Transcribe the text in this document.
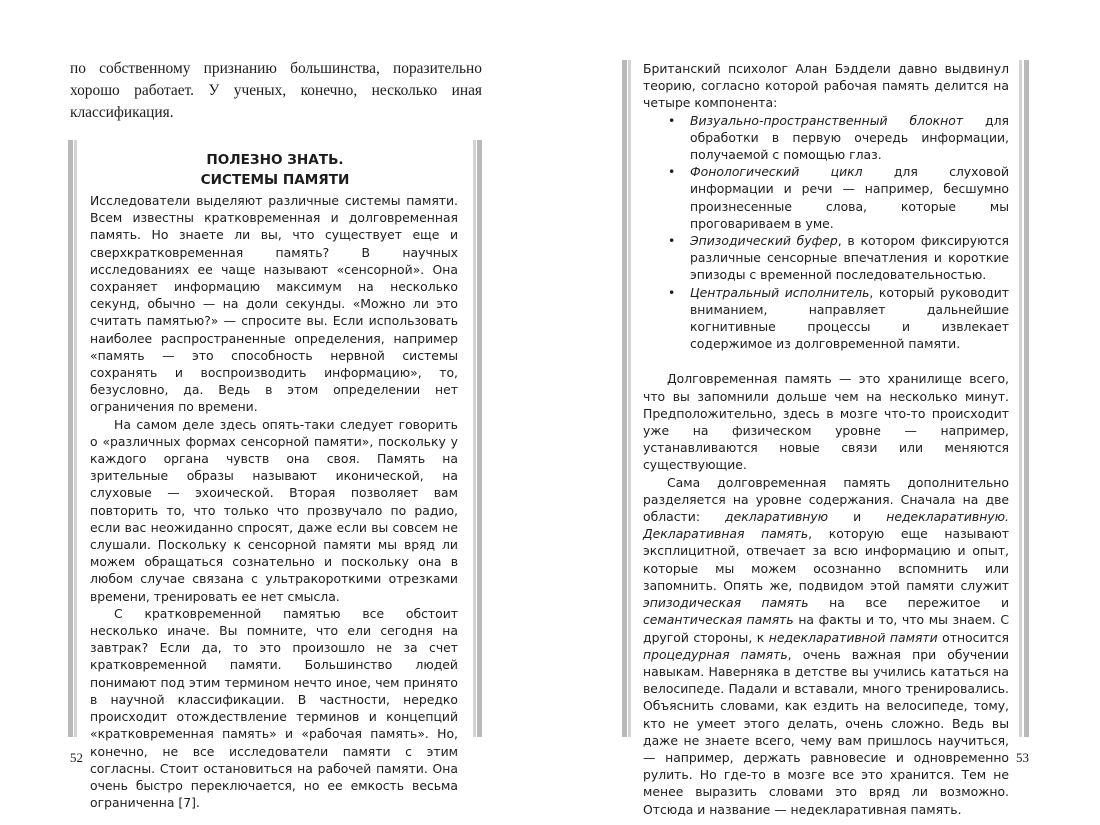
по собственному признанию большинства, поразительно хорошо работает. У ученых, конечно, несколько иная классификация.

ПОЛЕЗНО ЗНАТЬ.
СИСТЕМЫ ПАМЯТИ

Исследователи выделяют различные системы памяти. Всем известны кратковременная и долговременная память. Но знаете ли вы, что существует еще и сверхкратковременная память? В научных исследованиях ее чаще называют «сенсорной». Она сохраняет информацию максимум на несколько секунд, обычно — на доли секунды. «Можно ли это считать памятью?» — спросите вы. Если использовать наиболее распространенные определения, например «память — это способность нервной системы сохранять и воспроизводить информацию», то, безусловно, да. Ведь в этом определении нет ограничения по времени.

На самом деле здесь опять-таки следует говорить о «различных формах сенсорной памяти», поскольку у каждого органа чувств она своя. Память на зрительные образы называют иконической, на слуховые — эхоической. Вторая позволяет вам повторить то, что только что прозвучало по радио, если вас неожиданно спросят, даже если вы совсем не слушали. Поскольку к сенсорной памяти мы вряд ли можем обращаться сознательно и поскольку она в любом случае связана с ультракороткими отрезками времени, тренировать ее нет смысла.

С кратковременной памятью все обстоит несколько иначе. Вы помните, что ели сегодня на завтрак? Если да, то это произошло не за счет кратковременной памяти. Большинство людей понимают под этим термином нечто иное, чем принято в научной классификации. В частности, нередко происходит отождествление терминов и концепций «кратковременная память» и «рабочая память». Но, конечно, не все исследователи памяти с этим согласны. Стоит остановиться на рабочей памяти. Она очень быстро переключается, но ее емкость весьма ограниченна [7].

52

Британский психолог Алан Бэддели давно выдвинул теорию, согласно которой рабочая память делится на четыре компонента:

• Визуально-пространственный блокнот для обработки в первую очередь информации, получаемой с помощью глаз.
• Фонологический цикл для слуховой информации и речи — например, бесшумно произнесенные слова, которые мы проговариваем в уме.
• Эпизодический буфер, в котором фиксируются различные сенсорные впечатления и короткие эпизоды с временной последовательностью.
• Центральный исполнитель, который руководит вниманием, направляет дальнейшие когнитивные процессы и извлекает содержимое из долговременной памяти.

Долговременная память — это хранилище всего, что вы запомнили дольше чем на несколько минут. Предположительно, здесь в мозге что-то происходит уже на физическом уровне — например, устанавливаются новые связи или меняются существующие.

Сама долговременная память дополнительно разделяется на уровне содержания. Сначала на две области: декларативную и недекларативную. Декларативная память, которую еще называют эксплицитной, отвечает за всю информацию и опыт, которые мы можем осознанно вспомнить или запомнить. Опять же, подвидом этой памяти служит эпизодическая память на все пережитое и семантическая память на факты и то, что мы знаем. С другой стороны, к недекларативной памяти относится процедурная память, очень важная при обучении навыкам. Наверняка в детстве вы учились кататься на велосипеде. Падали и вставали, много тренировались. Объяснить словами, как ездить на велосипеде, тому, кто не умеет этого делать, очень сложно. Ведь вы даже не знаете всего, чему вам пришлось научиться, — например, держать равновесие и одновременно рулить. Но где-то в мозге все это хранится. Тем не менее выразить словами это вряд ли возможно. Отсюда и название — недекларативная память.

53
